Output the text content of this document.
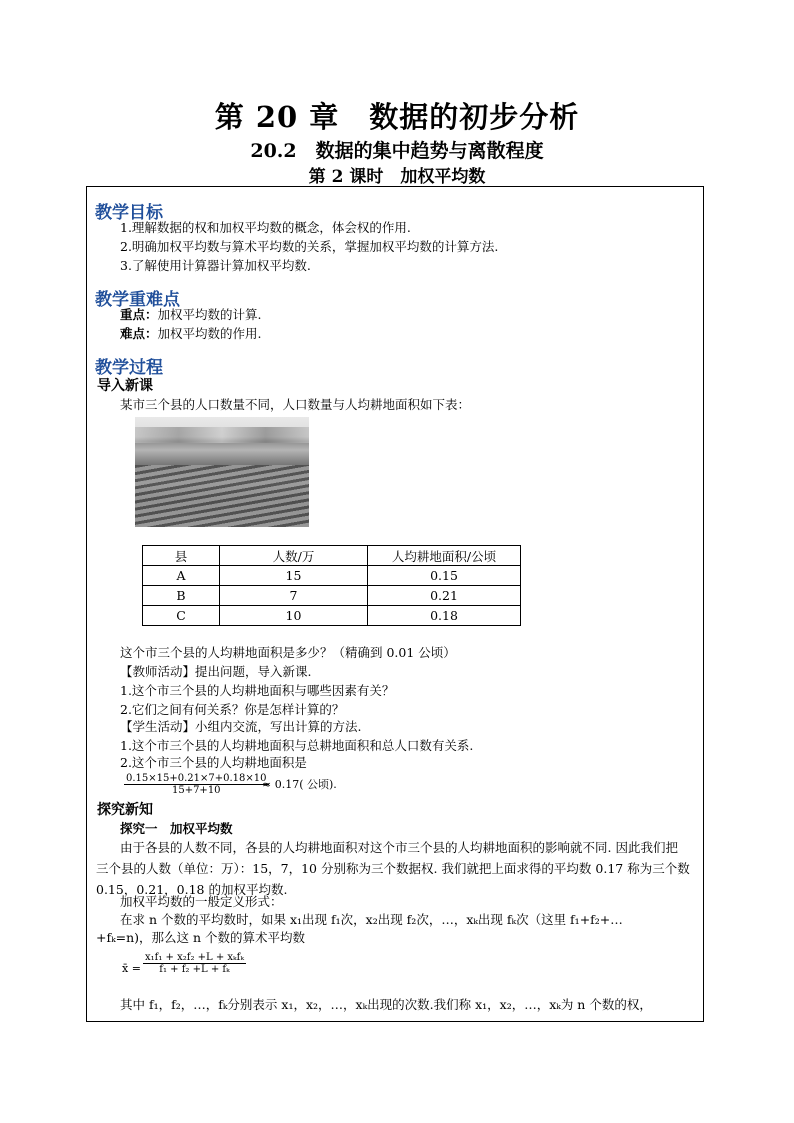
第 20 章　数据的初步分析
20.2　数据的集中趋势与离散程度
第 2 课时　加权平均数
教学目标
1.理解数据的权和加权平均数的概念，体会权的作用.
2.明确加权平均数与算术平均数的关系，掌握加权平均数的计算方法.
3.了解使用计算器计算加权平均数.
教学重难点
重点：加权平均数的计算.
难点：加权平均数的作用.
教学过程
导入新课
某市三个县的人口数量不同，人口数量与人均耕地面积如下表：
县	人数/万	人均耕地面积/公顷
A	15	0.15
B	7	0.21
C	10	0.18
这个市三个县的人均耕地面积是多少？（精确到 0.01 公顷）
【教师活动】提出问题，导入新课.
1.这个市三个县的人均耕地面积与哪些因素有关？
2.它们之间有何关系？你是怎样计算的？
【学生活动】小组内交流，写出计算的方法.
1.这个市三个县的人均耕地面积与总耕地面积和总人口数有关系.
2.这个市三个县的人均耕地面积是
$\frac{0.15\times 15+0.21\times 7+0.18\times 10}{15+7+10}$
≈ 0.17( 公顷).
探究新知
探究一　加权平均数
由于各县的人数不同，各县的人均耕地面积对这个市三个县的人均耕地面积的影响就不同. 因此我们把三个县的人数（单位：万）：15，7，10 分别称为三个数据权. 我们就把上面求得的平均数 0.17 称为三个数 0.15，0.21，0.18 的加权平均数.
加权平均数的一般定义形式：
在求 n 个数的平均数时，如果 x₁出现 f₁次，x₂出现 f₂次，…，xₖ出现 fₖ次（这里 f₁+f₂+…
+fₖ=n)，那么这 n 个数的算术平均数
x̄ =
x₁f₁ + x₂f₂ +L + xₖfₖ
f₁ + f₂ +L + fₖ
其中 f₁，f₂，…，fₖ分别表示 x₁，x₂，…，xₖ出现的次数.我们称 x₁，x₂，…，xₖ为 n 个数的权，
